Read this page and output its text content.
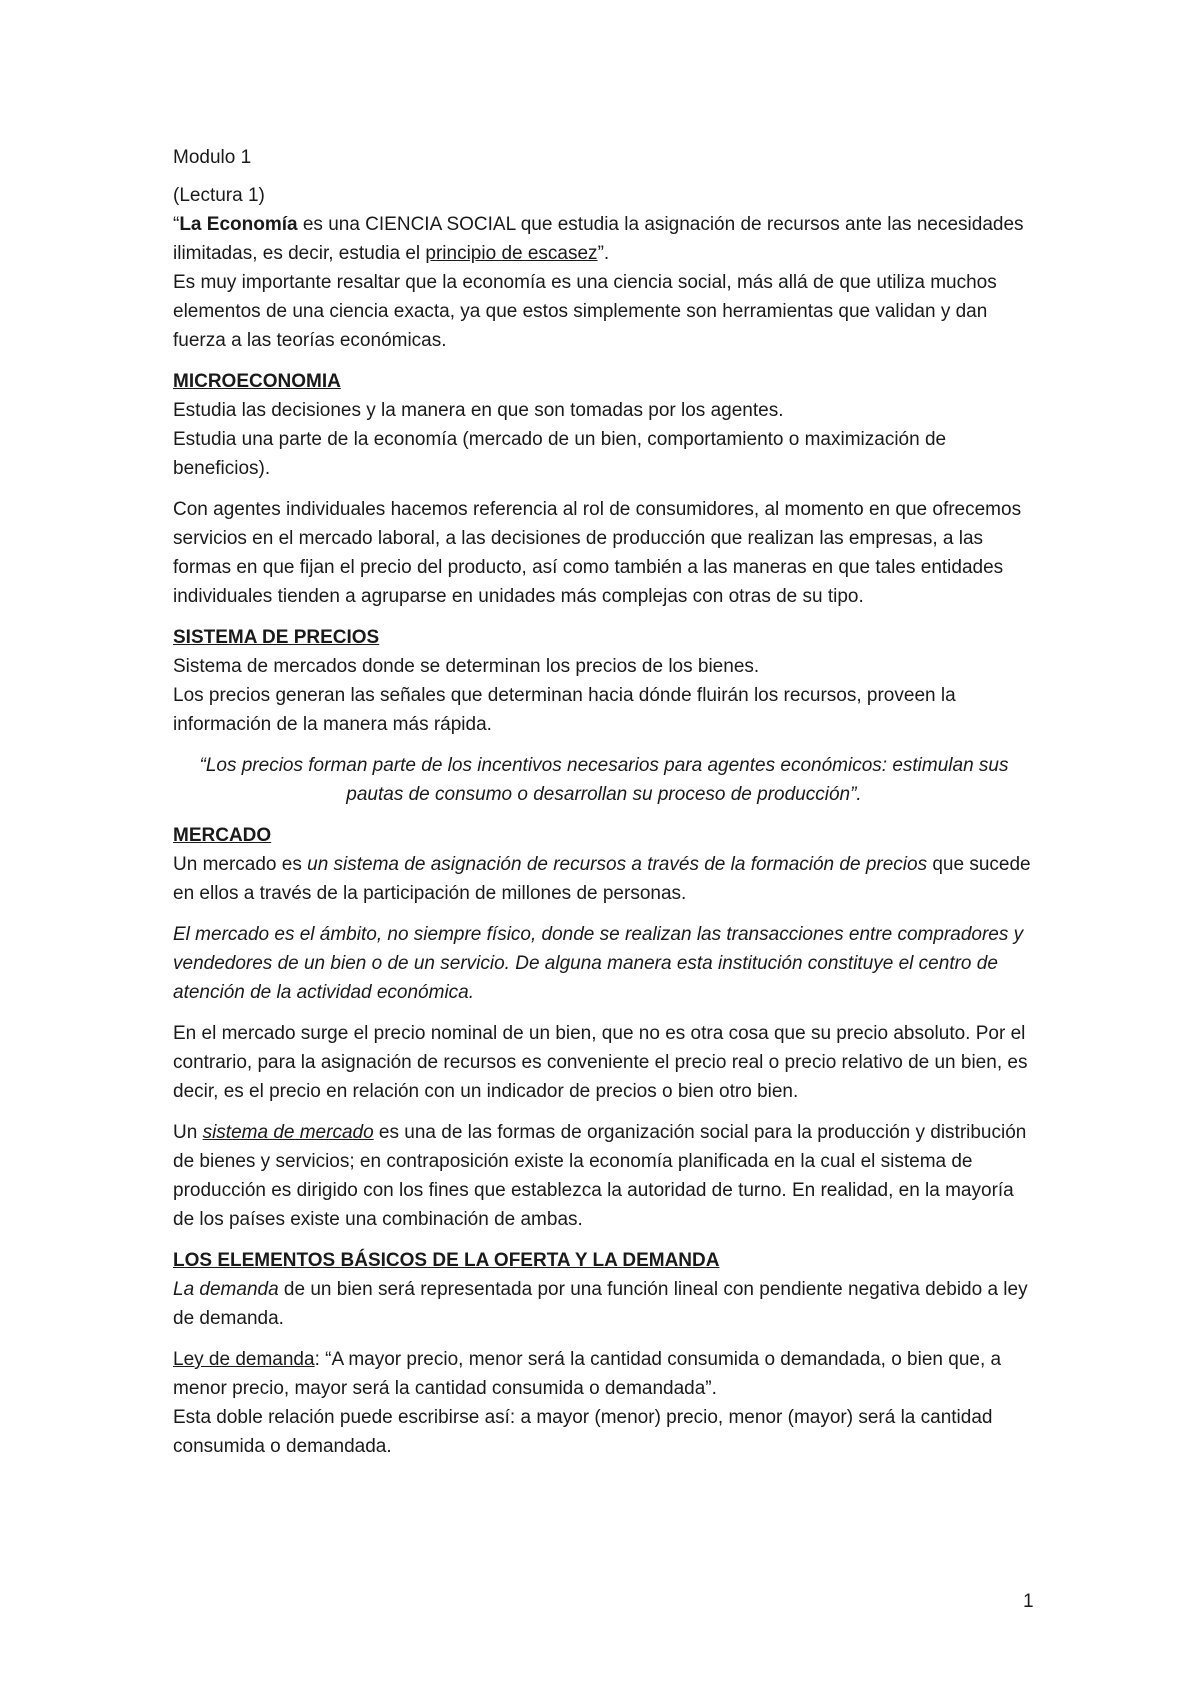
Modulo 1

(Lectura 1)

“La Economía es una CIENCIA SOCIAL que estudia la asignación de recursos ante las necesidades ilimitadas, es decir, estudia el principio de escasez”.

Es muy importante resaltar que la economía es una ciencia social, más allá de que utiliza muchos elementos de una ciencia exacta, ya que estos simplemente son herramientas que validan y dan fuerza a las teorías económicas.

MICROECONOMIA

Estudia las decisiones y la manera en que son tomadas por los agentes.

Estudia una parte de la economía (mercado de un bien, comportamiento o maximización de beneficios).

Con agentes individuales hacemos referencia al rol de consumidores, al momento en que ofrecemos servicios en el mercado laboral, a las decisiones de producción que realizan las empresas, a las formas en que fijan el precio del producto, así como también a las maneras en que tales entidades individuales tienden a agruparse en unidades más complejas con otras de su tipo.

SISTEMA DE PRECIOS

Sistema de mercados donde se determinan los precios de los bienes.

Los precios generan las señales que determinan hacia dónde fluirán los recursos, proveen la información de la manera más rápida.

“Los precios forman parte de los incentivos necesarios para agentes económicos: estimulan sus pautas de consumo o desarrollan su proceso de producción”.

MERCADO

Un mercado es un sistema de asignación de recursos a través de la formación de precios que sucede en ellos a través de la participación de millones de personas.

El mercado es el ámbito, no siempre físico, donde se realizan las transacciones entre compradores y vendedores de un bien o de un servicio. De alguna manera esta institución constituye el centro de atención de la actividad económica.

En el mercado surge el precio nominal de un bien, que no es otra cosa que su precio absoluto. Por el contrario, para la asignación de recursos es conveniente el precio real o precio relativo de un bien, es decir, es el precio en relación con un indicador de precios o bien otro bien.

Un sistema de mercado es una de las formas de organización social para la producción y distribución de bienes y servicios; en contraposición existe la economía planificada en la cual el sistema de producción es dirigido con los fines que establezca la autoridad de turno. En realidad, en la mayoría de los países existe una combinación de ambas.

LOS ELEMENTOS BÁSICOS DE LA OFERTA Y LA DEMANDA

La demanda de un bien será representada por una función lineal con pendiente negativa debido a ley de demanda.

Ley de demanda: “A mayor precio, menor será la cantidad consumida o demandada, o bien que, a menor precio, mayor será la cantidad consumida o demandada”.

Esta doble relación puede escribirse así: a mayor (menor) precio, menor (mayor) será la cantidad consumida o demandada.

1
